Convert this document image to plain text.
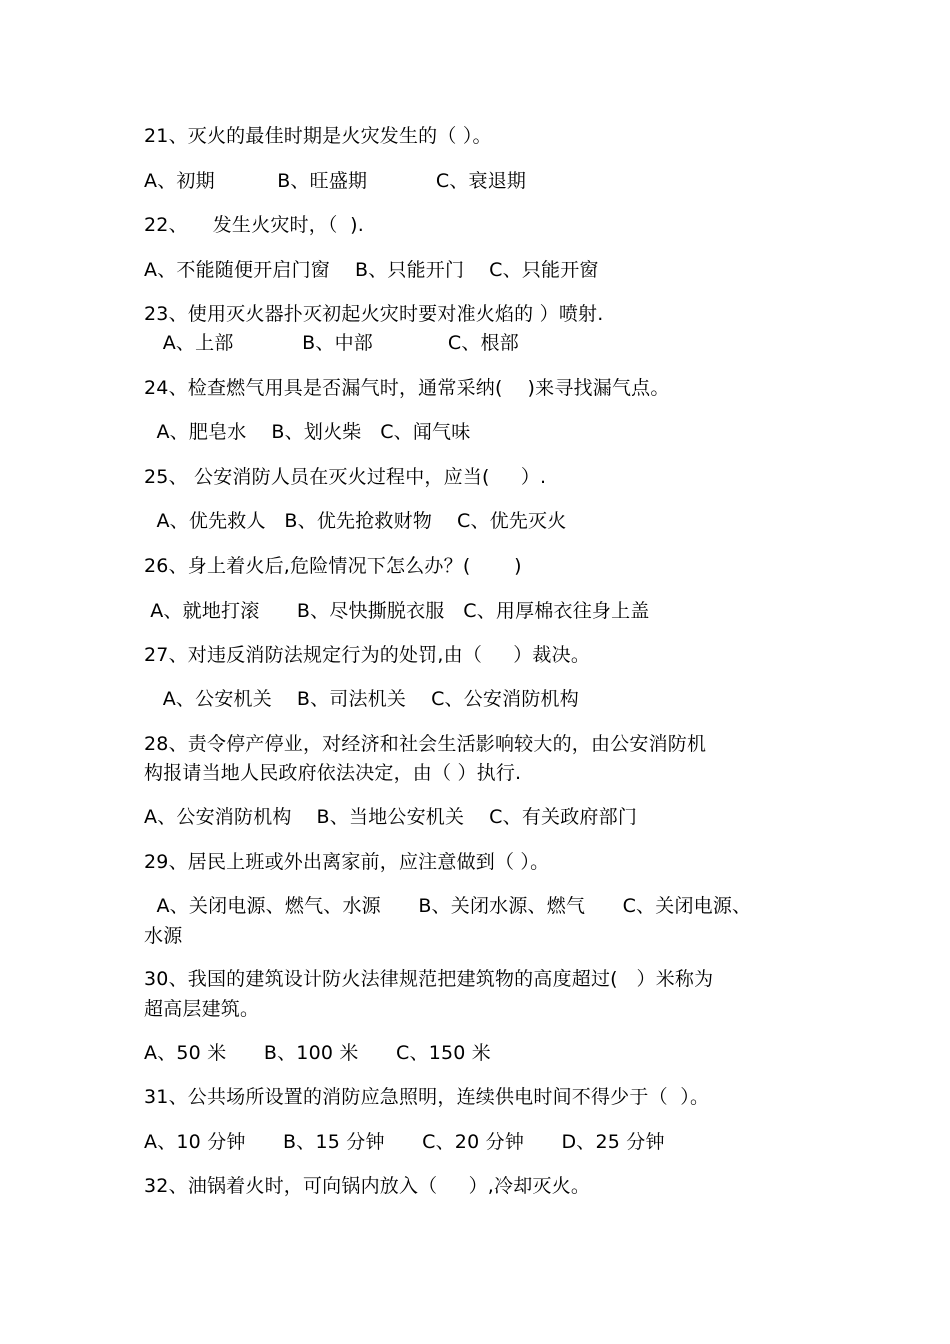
21、灭火的最佳时期是火灾发生的（ ）。
A、初期          B、旺盛期           C、衰退期
22、    发生火灾时，（  ).
A、不能随便开启门窗    B、只能开门    C、只能开窗
23、使用灭火器扑灭初起火灾时要对准火焰的 ）喷射.
A、上部           B、中部            C、根部
24、检查燃气用具是否漏气时，通常采纳(    )来寻找漏气点。
A、肥皂水    B、划火柴   C、闻气味
25、 公安消防人员在灭火过程中，应当(     ）.
A、优先救人   B、优先抢救财物    C、优先灭火
26、身上着火后,危险情况下怎么办？(       )
A、就地打滚      B、尽快撕脱衣服   C、用厚棉衣往身上盖
27、对违反消防法规定行为的处罚,由（     ）裁决。
A、公安机关    B、司法机关    C、公安消防机构
28、责令停产停业，对经济和社会生活影响较大的，由公安消防机
构报请当地人民政府依法决定，由（ ）执行.
A、公安消防机构    B、当地公安机关    C、有关政府部门
29、居民上班或外出离家前，应注意做到（ ）。
A、关闭电源、燃气、水源      B、关闭水源、燃气      C、关闭电源、
水源
30、我国的建筑设计防火法律规范把建筑物的高度超过(   ）米称为
超高层建筑。
A、50 米      B、100 米      C、150 米
31、公共场所设置的消防应急照明，连续供电时间不得少于（  ）。
A、10 分钟      B、15 分钟      C、20 分钟      D、25 分钟
32、油锅着火时，可向锅内放入（     ）,冷却灭火。
